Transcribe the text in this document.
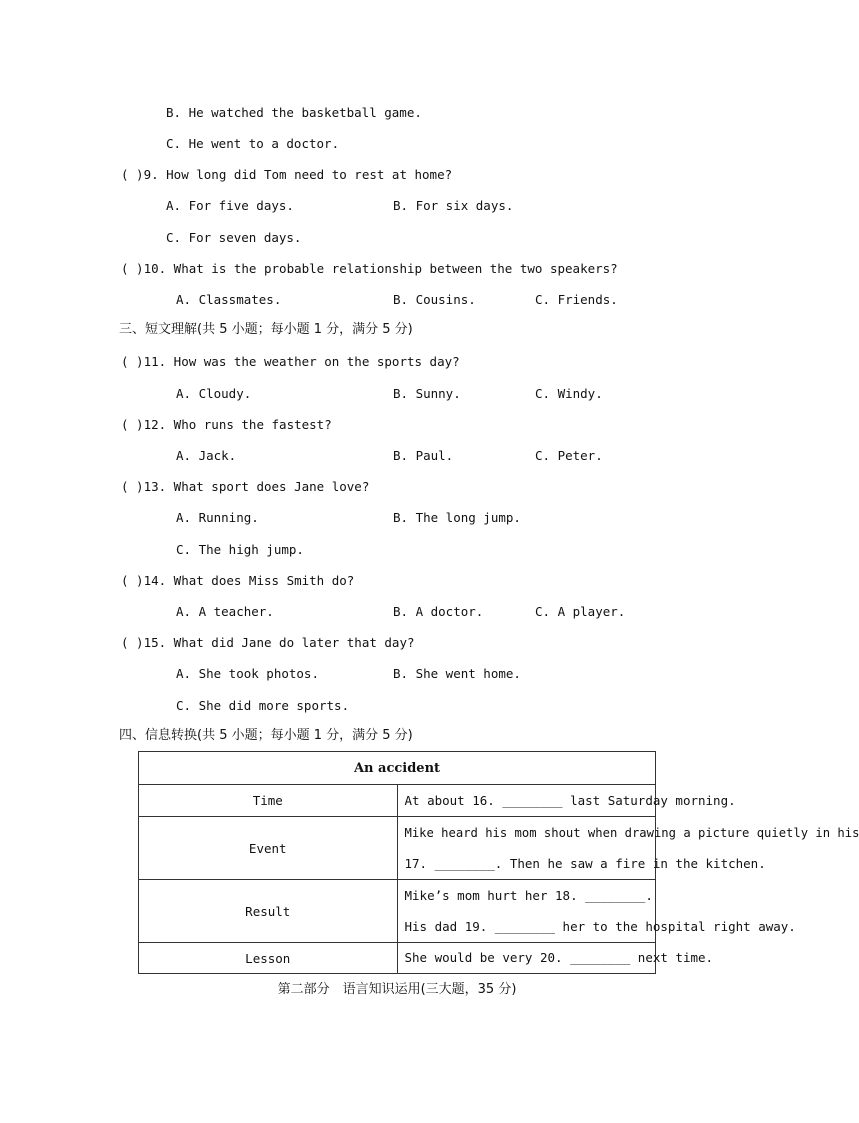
B. He watched the basketball game.
C. He went to a doctor.
( )9. How long did Tom need to rest at home?
A. For five days.	B. For six days.
C. For seven days.
( )10. What is the probable relationship between the two speakers?
A. Classmates.	B. Cousins.	C. Friends.
三、短文理解(共 5 小题；每小题 1 分，满分 5 分)
( )11. How was the weather on the sports day?
A. Cloudy.	B. Sunny.	C. Windy.
( )12. Who runs the fastest?
A. Jack.	B. Paul.	C. Peter.
( )13. What sport does Jane love?
A. Running.	B. The long jump.
C. The high jump.
( )14. What does Miss Smith do?
A. A teacher.	B. A doctor.	C. A player.
( )15. What did Jane do later that day?
A. She took photos.	B. She went home.
C. She did more sports.
四、信息转换(共 5 小题；每小题 1 分，满分 5 分)
An accident	
Time	At about 16. ________ last Saturday morning.

Event	Mike heard his mom shout when drawing a picture quietly in his
17. ________. Then he saw a fire in the kitchen.

Result	Mike’s mom hurt her 18. ________.
His dad 19. ________ her to the hospital right away.

Lesson	She would be very 20. ________ next time.
第二部分　语言知识运用(三大题，35 分)
